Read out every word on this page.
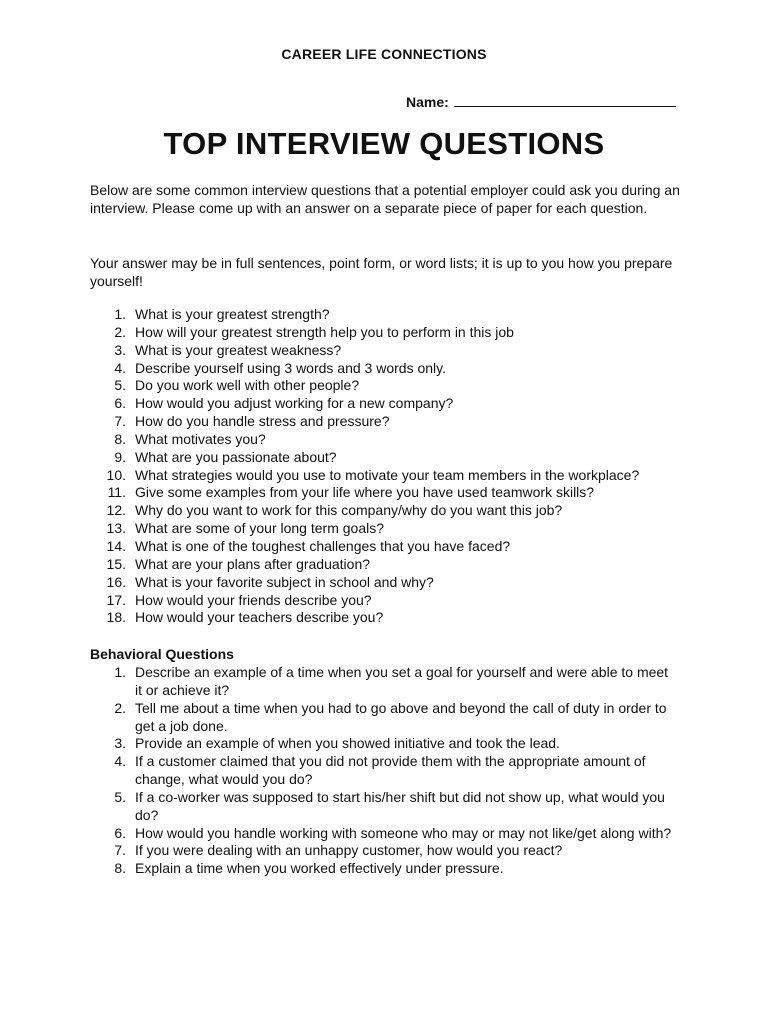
CAREER LIFE CONNECTIONS
Name:
TOP INTERVIEW QUESTIONS
Below are some common interview questions that a potential employer could ask you during an interview. Please come up with an answer on a separate piece of paper for each question.
Your answer may be in full sentences, point form, or word lists; it is up to you how you prepare yourself!
1. What is your greatest strength?
2. How will your greatest strength help you to perform in this job
3. What is your greatest weakness?
4. Describe yourself using 3 words and 3 words only.
5. Do you work well with other people?
6. How would you adjust working for a new company?
7. How do you handle stress and pressure?
8. What motivates you?
9. What are you passionate about?
10. What strategies would you use to motivate your team members in the workplace?
11. Give some examples from your life where you have used teamwork skills?
12. Why do you want to work for this company/why do you want this job?
13. What are some of your long term goals?
14. What is one of the toughest challenges that you have faced?
15. What are your plans after graduation?
16. What is your favorite subject in school and why?
17. How would your friends describe you?
18. How would your teachers describe you?
Behavioral Questions
1. Describe an example of a time when you set a goal for yourself and were able to meet it or achieve it?
2. Tell me about a time when you had to go above and beyond the call of duty in order to get a job done.
3. Provide an example of when you showed initiative and took the lead.
4. If a customer claimed that you did not provide them with the appropriate amount of change, what would you do?
5. If a co-worker was supposed to start his/her shift but did not show up, what would you do?
6. How would you handle working with someone who may or may not like/get along with?
7. If you were dealing with an unhappy customer, how would you react?
8. Explain a time when you worked effectively under pressure.
